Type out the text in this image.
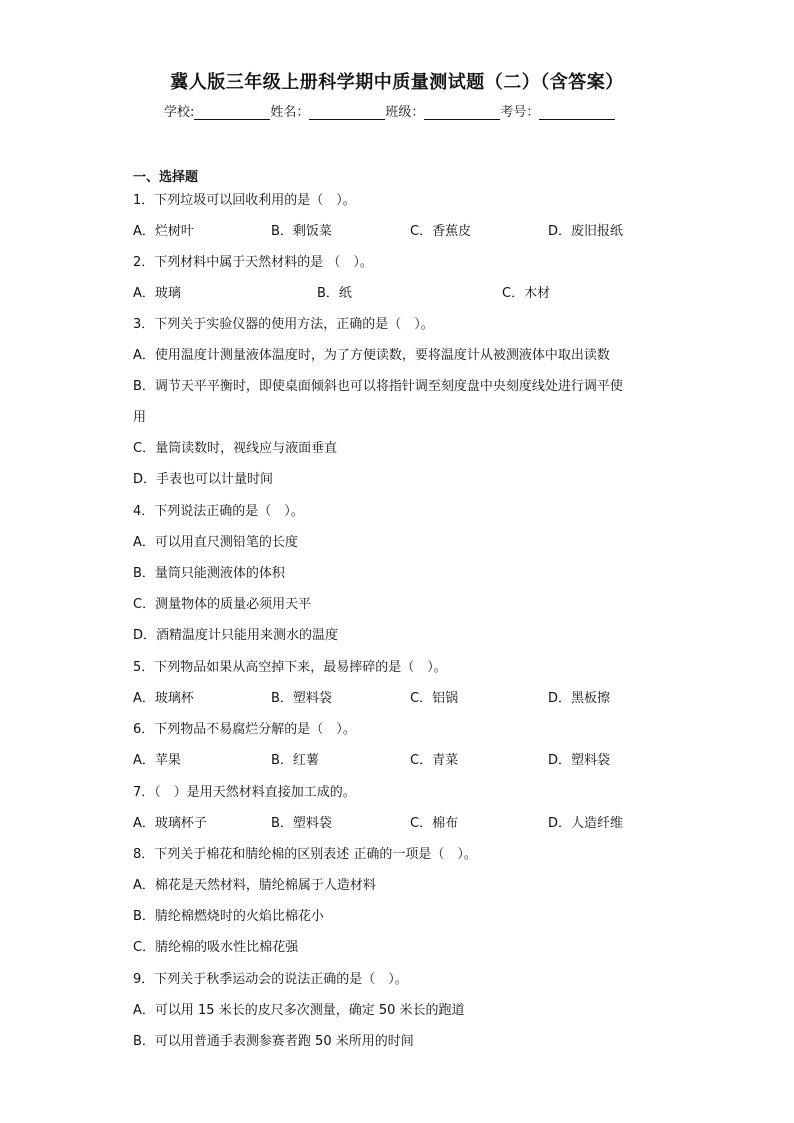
冀人版三年级上册科学期中质量测试题（二）（含答案）
学校:	姓名：	班级：	考号：
一、选择题
1．下列垃圾可以回收利用的是（　）。
A．烂树叶	B．剩饭菜	C．香蕉皮	D．废旧报纸
2．下列材料中属于天然材料的是 （　）。
A．玻璃	B．纸	C．木材
3．下列关于实验仪器的使用方法，正确的是（　）。
A．使用温度计测量液体温度时，为了方便读数，要将温度计从被测液体中取出读数
B．调节天平平衡时，即使桌面倾斜也可以将指针调至刻度盘中央刻度线处进行调平使
用
C．量筒读数时，视线应与液面垂直
D．手表也可以计量时间
4．下列说法正确的是（　）。
A．可以用直尺测铅笔的长度
B．量筒只能测液体的体积
C．测量物体的质量必须用天平
D．酒精温度计只能用来测水的温度
5．下列物品如果从高空掉下来，最易摔碎的是（　）。
A．玻璃杯	B．塑料袋	C．铝锅	D．黑板擦
6．下列物品不易腐烂分解的是（　）。
A．苹果	B．红薯	C．青菜	D．塑料袋
7．（　）是用天然材料直接加工成的。
A．玻璃杯子	B．塑料袋	C．棉布	D．人造纤维
8．下列关于棉花和腈纶棉的区别表述 正确的一项是（　）。
A．棉花是天然材料，腈纶棉属于人造材料
B．腈纶棉燃烧时的火焰比棉花小
C．腈纶棉的吸水性比棉花强
9．下列关于秋季运动会的说法正确的是（　）。
A．可以用 15 米长的皮尺多次测量，确定 50 米长的跑道
B．可以用普通手表测参赛者跑 50 米所用的时间
